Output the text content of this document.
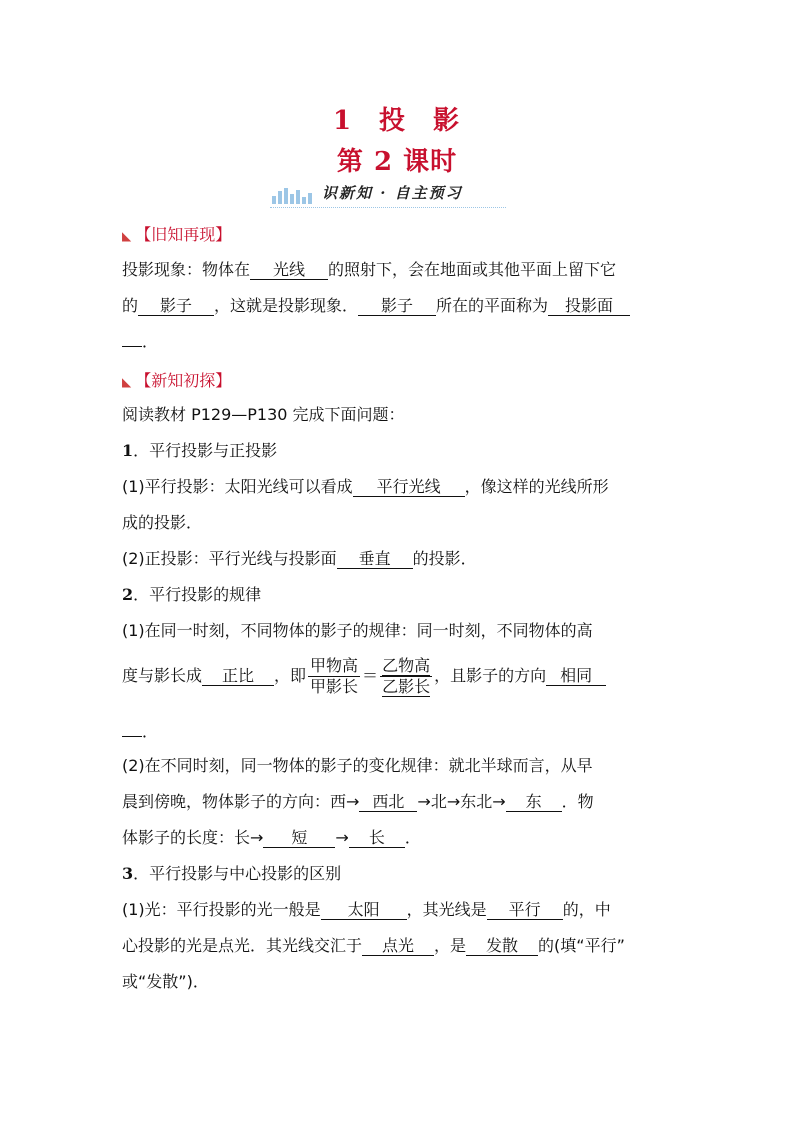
1 投 影
第 2 课时
识新知 · 自主预习
◣ 【旧知再现】
投影现象：物体在 光线 的照射下，会在地面或其他平面上留下它
的 影子 ，这就是投影现象． 影子 所在的平面称为 投影面
．
◣ 【新知初探】
阅读教材 P129—P130 完成下面问题：
1．平行投影与正投影
(1)平行投影：太阳光线可以看成 平行光线 ，像这样的光线所形
成的投影．
(2)正投影：平行光线与投影面 垂直 的投影．
2．平行投影的规律
(1)在同一时刻，不同物体的影子的规律：同一时刻，不同物体的高
度与影长成 正比 ，即 $\frac{\text{甲物高}}{\text{甲影长}} = \frac{\text{乙物高}}{\text{乙影长}}$ ，且影子的方向 相同
．
(2)在不同时刻，同一物体的影子的变化规律：就北半球而言，从早
晨到傍晚，物体影子的方向：西→ 西北 →北→东北→ 东 ．物
体影子的长度：长→ 短 → 长 ．
3．平行投影与中心投影的区别
(1)光：平行投影的光一般是 太阳 ，其光线是 平行 的，中
心投影的光是点光．其光线交汇于 点光 ，是 发散 的(填“平行”
或“发散”)．
